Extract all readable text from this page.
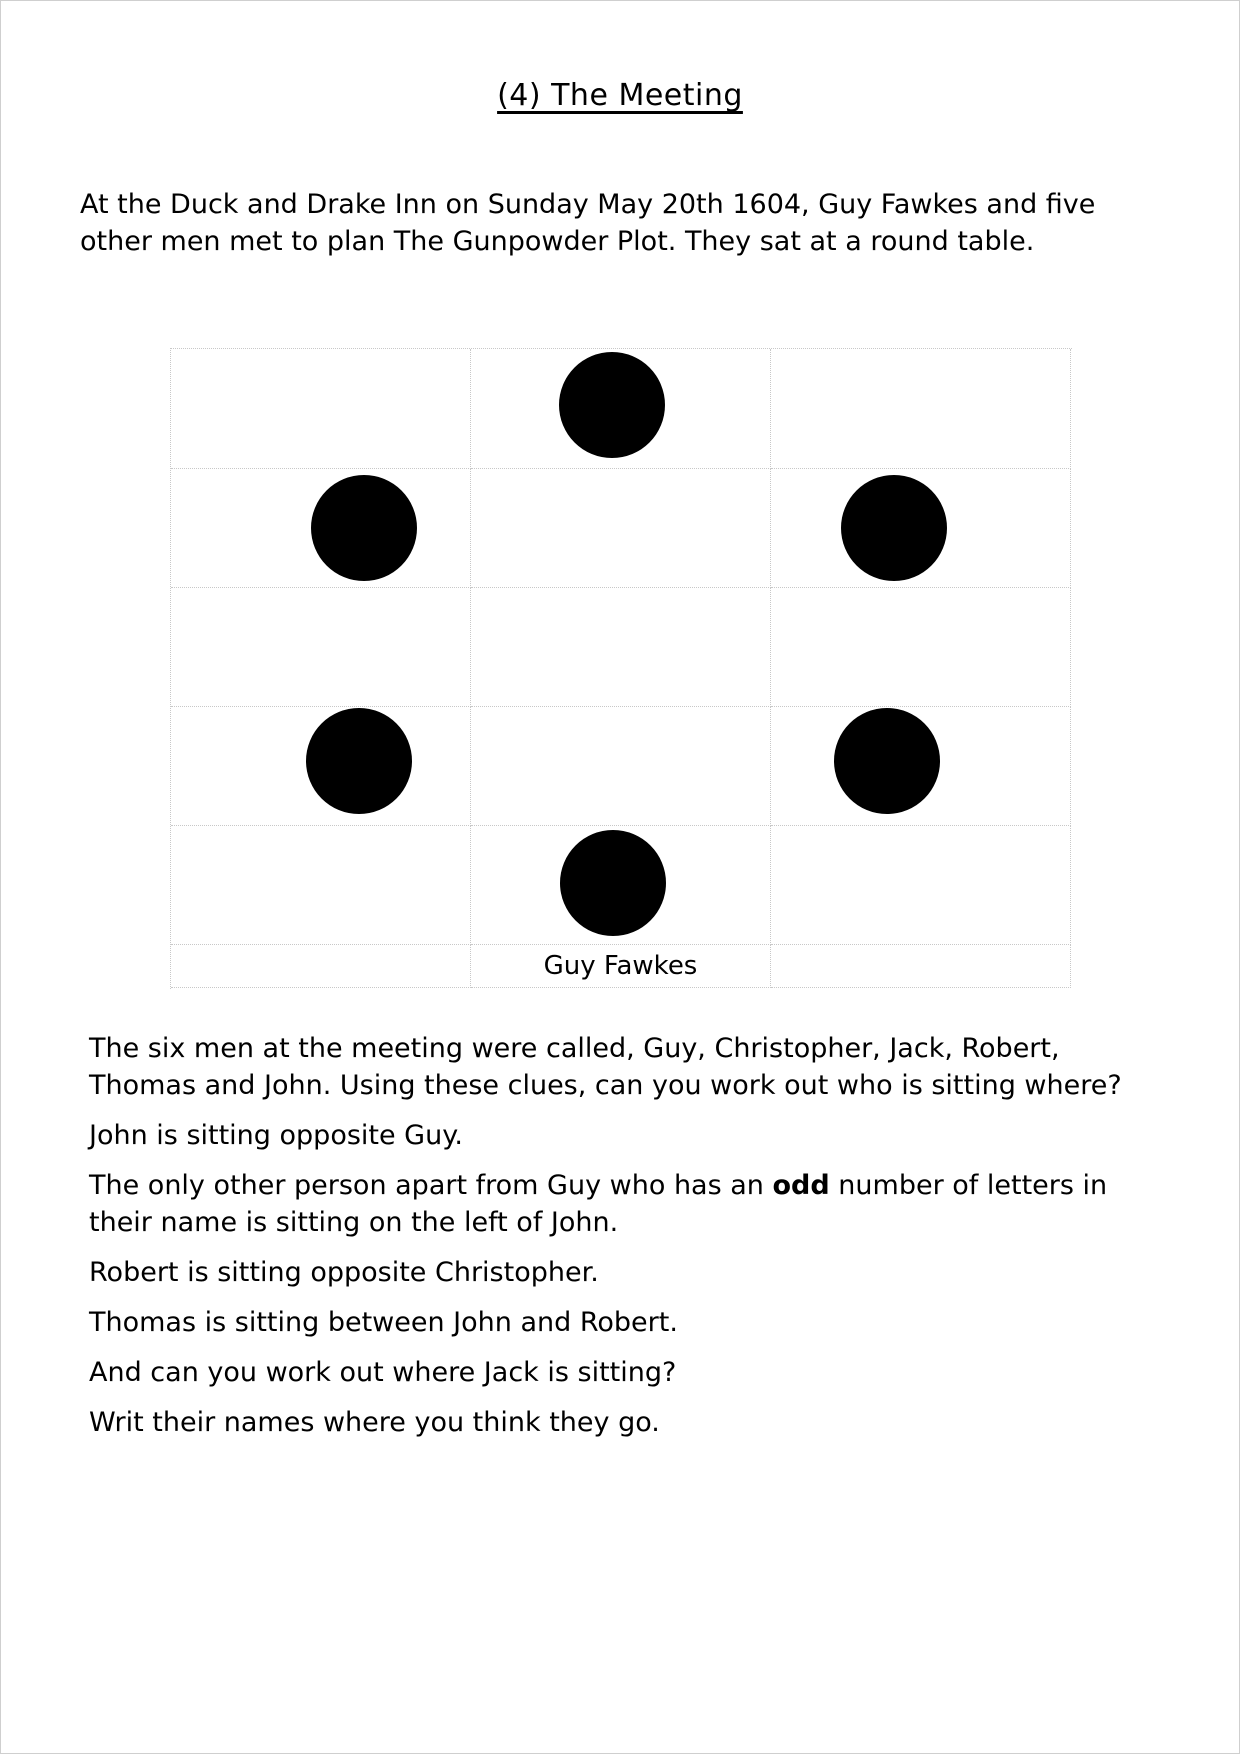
(4) The Meeting

At the Duck and Drake Inn on Sunday May 20th 1604, Guy Fawkes and five

other men met to plan The Gunpowder Plot. They sat at a round table.

Guy Fawkes

The six men at the meeting were called, Guy, Christopher, Jack, Robert,
Thomas and John. Using these clues, can you work out who is sitting where?

John is sitting opposite Guy.

The only other person apart from Guy who has an odd number of letters in
their name is sitting on the left of John.

Robert is sitting opposite Christopher.

Thomas is sitting between John and Robert.

And can you work out where Jack is sitting?

Writ their names where you think they go.
